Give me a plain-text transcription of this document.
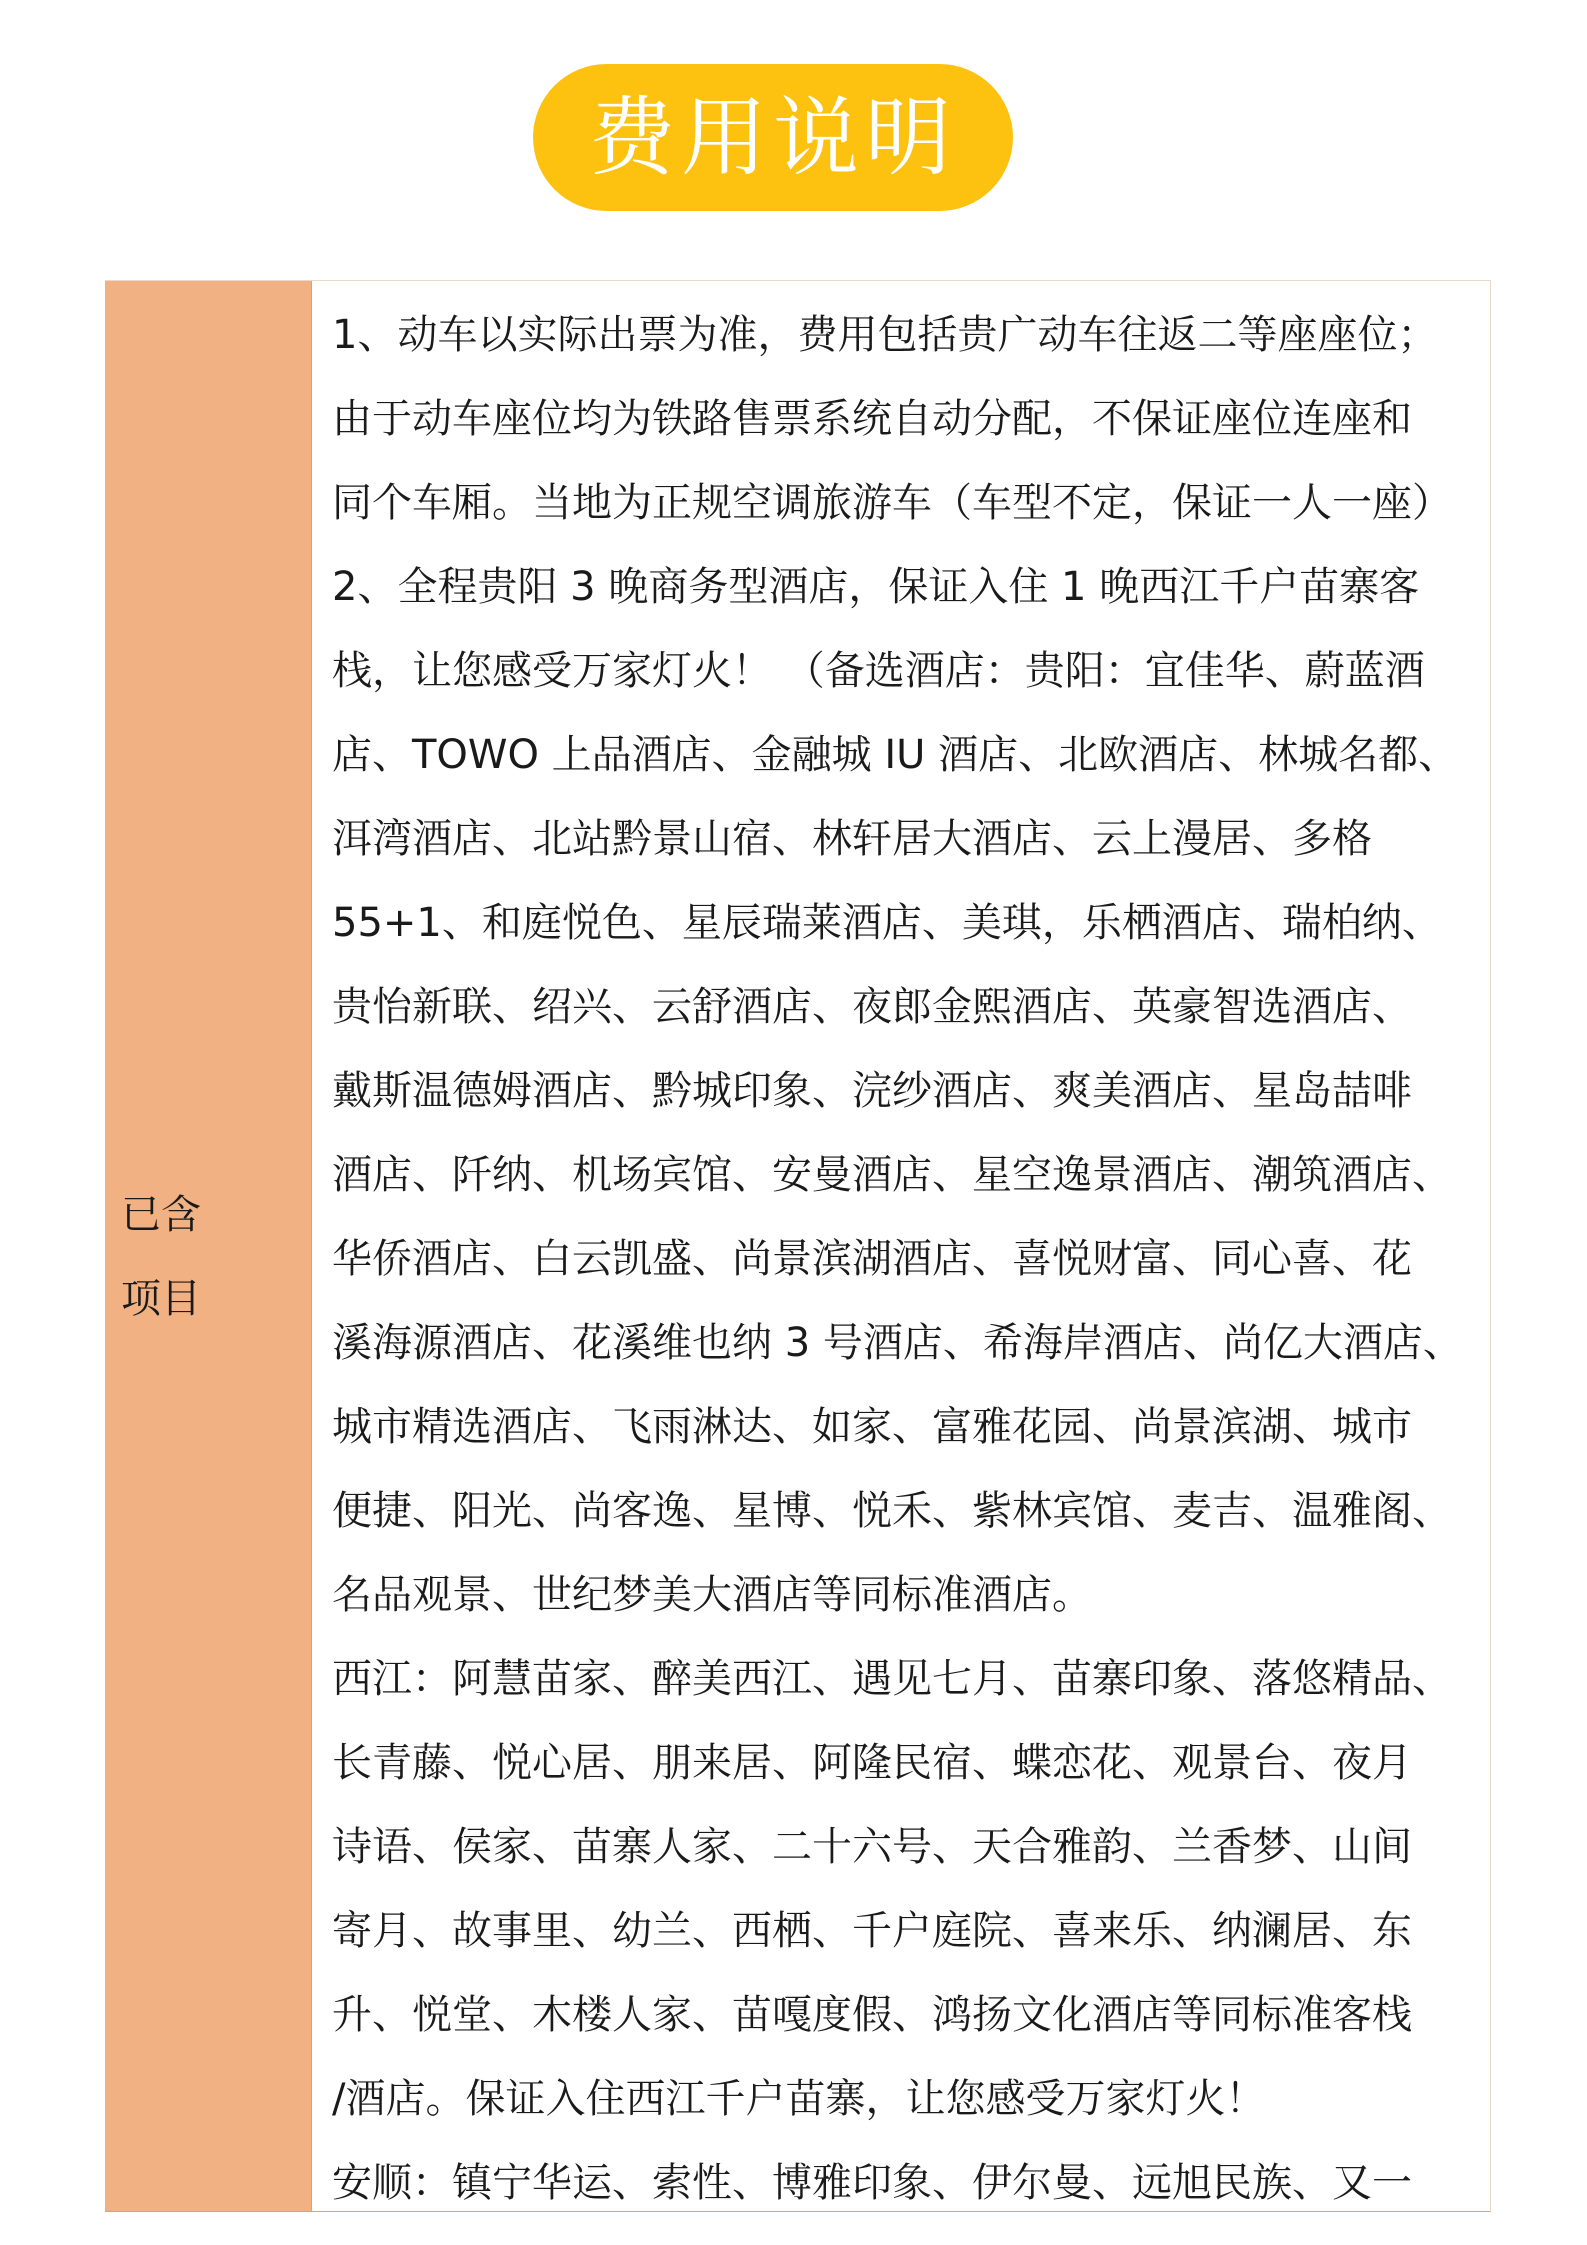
费用说明
已含
项目
1、动车以实际出票为准，费用包括贵广动车往返二等座座位；
由于动车座位均为铁路售票系统自动分配，不保证座位连座和
同个车厢。当地为正规空调旅游车（车型不定，保证一人一座）
2、全程贵阳 3 晚商务型酒店，保证入住 1 晚西江千户苗寨客
栈，让您感受万家灯火！ （备选酒店：贵阳：宜佳华、蔚蓝酒
店、TOWO 上品酒店、金融城 IU 酒店、北欧酒店、林城名都、
洱湾酒店、北站黔景山宿、林轩居大酒店、云上漫居、多格
55+1、和庭悦色、星辰瑞莱酒店、美琪，乐栖酒店、瑞柏纳、
贵怡新联、绍兴、云舒酒店、夜郎金熙酒店、英豪智选酒店、
戴斯温德姆酒店、黔城印象、浣纱酒店、爽美酒店、星岛喆啡
酒店、阡纳、机场宾馆、安曼酒店、星空逸景酒店、潮筑酒店、
华侨酒店、白云凯盛、尚景滨湖酒店、喜悦财富、同心喜、花
溪海源酒店、花溪维也纳 3 号酒店、希海岸酒店、尚亿大酒店、
城市精选酒店、飞雨淋达、如家、富雅花园、尚景滨湖、城市
便捷、阳光、尚客逸、星博、悦禾、紫林宾馆、麦吉、温雅阁、
名品观景、世纪梦美大酒店等同标准酒店。
西江：阿慧苗家、醉美西江、遇见七月、苗寨印象、落悠精品、
长青藤、悦心居、朋来居、阿隆民宿、蝶恋花、观景台、夜月
诗语、侯家、苗寨人家、二十六号、天合雅韵、兰香梦、山间
寄月、故事里、幼兰、西栖、千户庭院、喜来乐、纳澜居、东
升、悦堂、木楼人家、苗嘎度假、鸿扬文化酒店等同标准客栈
/酒店。保证入住西江千户苗寨，让您感受万家灯火！
安顺：镇宁华运、索性、博雅印象、伊尔曼、远旭民族、又一
